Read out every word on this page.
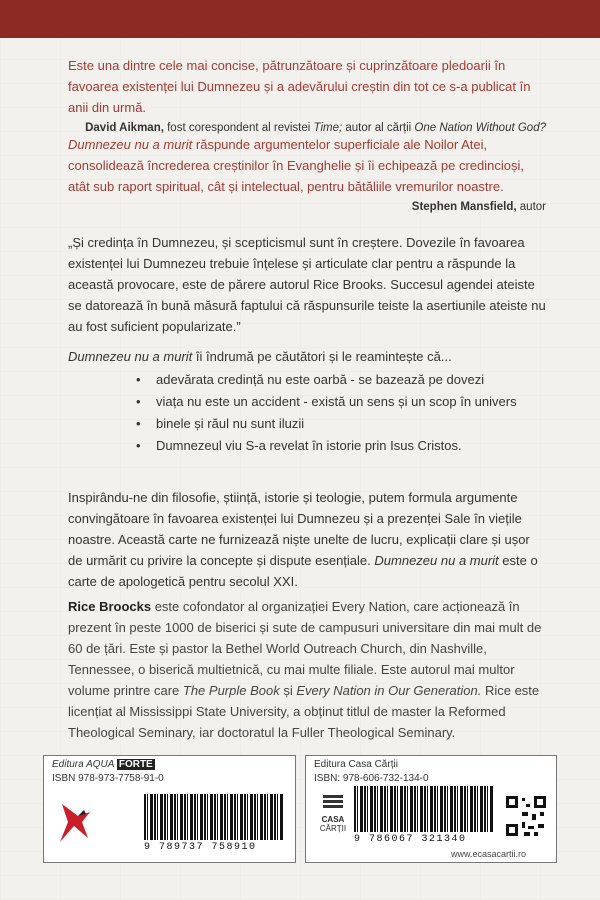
Este una dintre cele mai concise, pătrunzătoare și cuprinzătoare pledoarii în favoarea existenței lui Dumnezeu și a adevărului creștin din tot ce s-a publicat în anii din urmă.
David Aikman, fost corespondent al revistei Time; autor al cărții One Nation Without God?
Dumnezeu nu a murit răspunde argumentelor superficiale ale Noilor Atei, consolidează încrederea creștinilor în Evanghelie și îi echipează pe credincioși, atât sub raport spiritual, cât și intelectual, pentru bătăliile vremurilor noastre.
Stephen Mansfield, autor
„Și credința în Dumnezeu, și scepticismul sunt în creștere. Dovezile în favoarea existenței lui Dumnezeu trebuie înțelese și articulate clar pentru a răspunde la această provocare, este de părere autorul Rice Brooks. Succesul agendei ateiste se datorează în bună măsură faptului că răspunsurile teiste la asertiunile ateiste nu au fost suficient popularizate.”
Dumnezeu nu a murit îi îndrumă pe căutători și le reamintește că...
• adevărata credință nu este oarbă - se bazează pe dovezi
• viața nu este un accident - există un sens și un scop în univers
• binele și răul nu sunt iluzii
• Dumnezeul viu S-a revelat în istorie prin Isus Cristos.
Inspirându-ne din filosofie, știință, istorie și teologie, putem formula argumente convingătoare în favoarea existenței lui Dumnezeu și a prezenței Sale în viețile noastre. Această carte ne furnizează niște unelte de lucru, explicații clare și ușor de urmărit cu privire la concepte și dispute esențiale. Dumnezeu nu a murit este o carte de apologetică pentru secolul XXI.
Rice Broocks este cofondator al organizației Every Nation, care acționează în prezent în peste 1000 de biserici și sute de campusuri universitare din mai mult de 60 de țări. Este și pastor la Bethel World Outreach Church, din Nashville, Tennessee, o biserică multietnică, cu mai multe filiale. Este autorul mai multor volume printre care The Purple Book și Every Nation in Our Generation. Rice este licențiat al Mississippi State University, a obținut titlul de master la Reformed Theological Seminary, iar doctoratul la Fuller Theological Seminary.
Editura AQUA FORTE
ISBN 978-973-7758-91-0
9 789737 758910
Editura Casa Cărții
ISBN: 978-606-732-134-0
CASA
CĂRȚII
9 786067 321340
www.ecasacartii.ro
